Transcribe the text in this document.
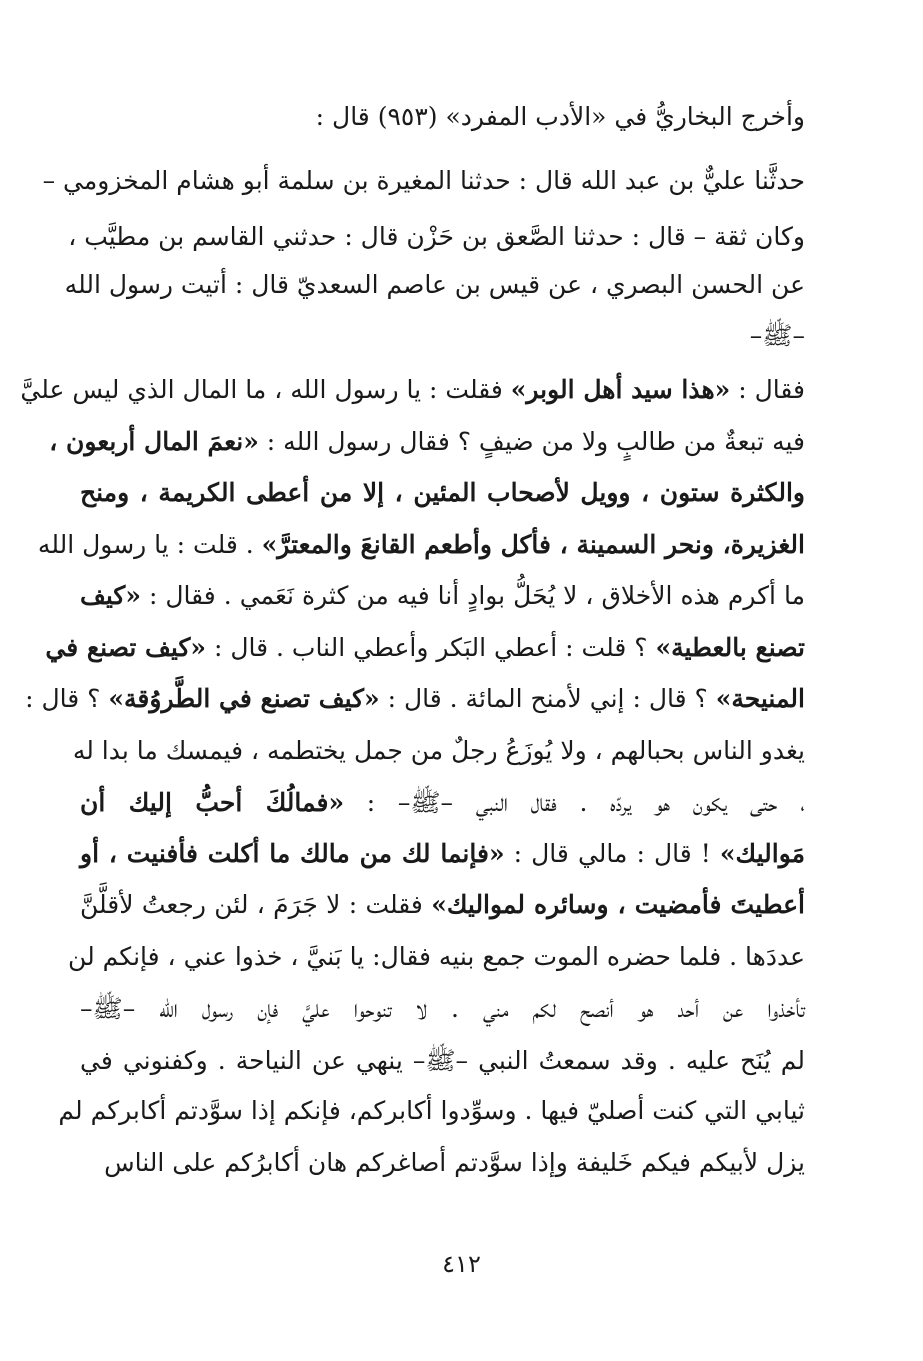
وأخرج البخاريُّ في «الأدب المفرد» (٩٥٣) قال :
حدثَّنا عليٌّ بن عبد الله قال : حدثنا المغيرة بن سلمة أبو هشام المخزومي –
وكان ثقة – قال : حدثنا الصَّعق بن حَزْن قال : حدثني القاسم بن مطيَّب ،
عن الحسن البصري ، عن قيس بن عاصم السعديّ قال : أتيت رسول الله
–ﷺ–
فقال : «هذا سيد أهل الوبر» فقلت : يا رسول الله ، ما المال الذي ليس عليَّ
فيه تبعةٌ من طالبٍ ولا من ضيفٍ ؟ فقال رسول الله : «نعمَ المال أربعون ،
والكثرة ستون ، وويل لأصحاب المئين ، إلا من أعطى الكريمة ، ومنح
الغزيرة، ونحر السمينة ، فأكل وأطعم القانعَ والمعترَّ» . قلت : يا رسول الله
ما أكرم هذه الأخلاق ، لا يُحَلُّ بوادٍ أنا فيه من كثرة نَعَمي . فقال : «كيف
تصنع بالعطية» ؟ قلت : أعطي البَكر وأعطي الناب . قال : «كيف تصنع في
المنيحة» ؟ قال : إني لأمنح المائة . قال : «كيف تصنع في الطَّروُقة» ؟ قال :
يغدو الناس بحبالهم ، ولا يُوزَعُ رجلٌ من جمل يختطمه ، فيمسك ما بدا له
، حتى يكون هو يردّه . فقال النبي –ﷺ– : «فمالُكَ أحبُّ إليك أن
مَواليك» ! قال : مالي قال : «فإنما لك من مالك ما أكلت فأفنيت ، أو
أعطيتَ فأمضيت ، وسائره لمواليك» فقلت : لا جَرَمَ ، لئن رجعتُ لأقلَّنَّ
عددَها . فلما حضره الموت جمع بنيه فقال: يا بَنيَّ ، خذوا عني ، فإنكم لن
تأخذوا عن أحد هو أنصح لكم مني . لا تنوحوا عليَّ فإن رسول الله –ﷺ–
لم يُنَح عليه . وقد سمعتُ النبي –ﷺ– ينهي عن النياحة . وكفنوني في
ثيابي التي كنت أصليّ فيها . وسوِّدوا أكابركم، فإنكم إذا سوَّدتم أكابركم لم
يزل لأبيكم فيكم خَليفة وإذا سوَّدتم أصاغركم هان أكابرُكم على الناس
٤١٢
